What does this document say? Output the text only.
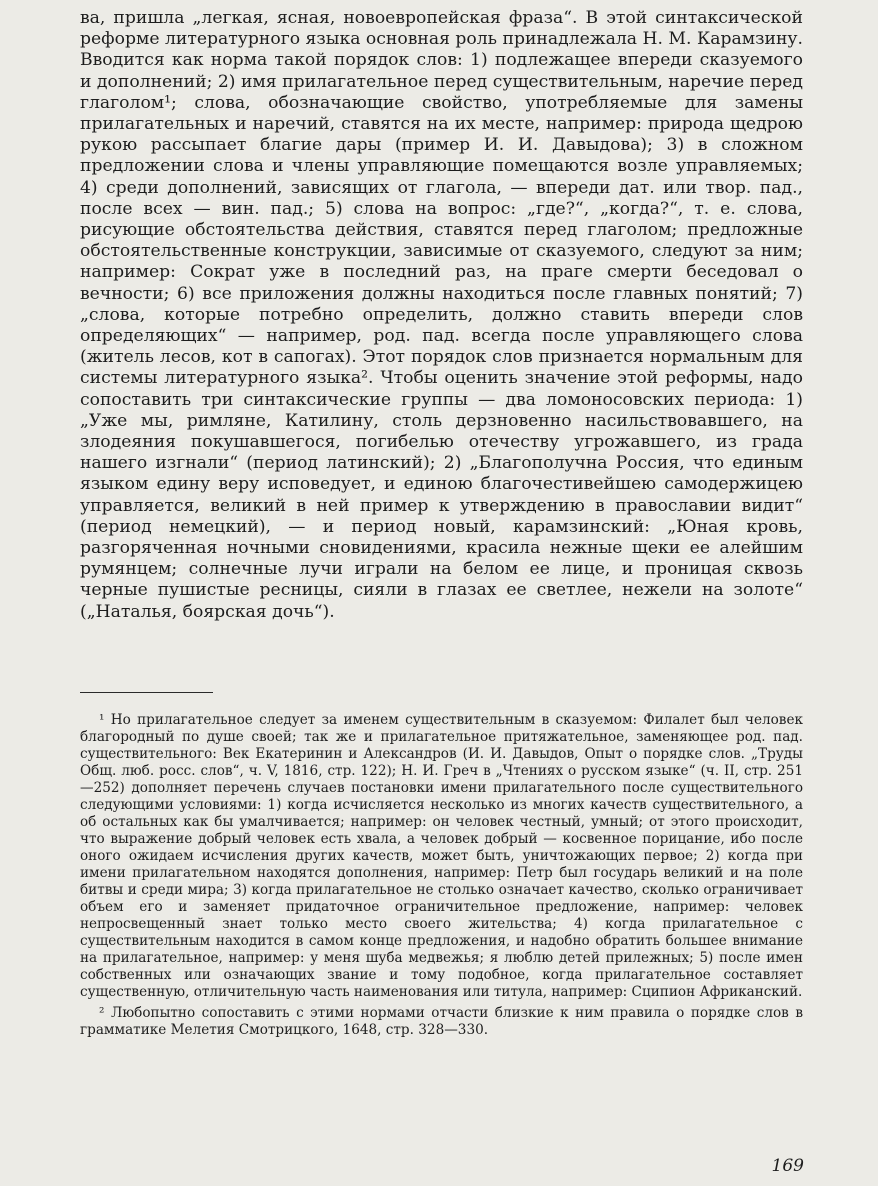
ва, пришла „легкая, ясная, новоевропейская фраза“. В этой синтаксической реформе литературного языка основная роль принадлежала Н. М. Карамзину. Вводится как норма такой порядок слов: 1) подлежащее впереди сказуемого и дополнений; 2) имя прилагательное перед существительным, наречие перед глаголом¹; слова, обозначающие свойство, употребляемые для замены прилагательных и наречий, ставятся на их месте, например: природа щедрою рукою рассыпает благие дары (пример И. И. Давыдова); 3) в сложном предложении слова и члены управляющие помещаются возле управляемых; 4) среди дополнений, зависящих от глагола, — впереди дат. или твор. пад., после всех — вин. пад.; 5) слова на вопрос: „где?“, „когда?“, т. е. слова, рисующие обстоятельства действия, ставятся перед глаголом; предложные обстоятельственные конструкции, зависимые от сказуемого, следуют за ним; например: Сократ уже в последний раз, на праге смерти беседовал о вечности; 6) все приложения должны находиться после главных понятий; 7) „слова, которые потребно определить, должно ставить впереди слов определяющих“ — например, род. пад. всегда после управляющего слова (житель лесов, кот в сапогах). Этот порядок слов признается нормальным для системы литературного языка². Чтобы оценить значение этой реформы, надо сопоставить три синтаксические группы — два ломоносовских периода: 1) „Уже мы, римляне, Катилину, столь дерзновенно насильствовавшего, на злодеяния покушавшегося, погибелью отечеству угрожавшего, из града нашего изгнали“ (период латинский); 2) „Благополучна Россия, что единым языком едину веру исповедует, и единою благочестивейшею самодержицею управляется, великий в ней пример к утверждению в православии видит“ (период немецкий), — и период новый, карамзинский: „Юная кровь, разгоряченная ночными сновидениями, красила нежные щеки ее алейшим румянцем; солнечные лучи играли на белом ее лице, и проницая сквозь черные пушистые ресницы, сияли в глазах ее светлее, нежели на золоте“ („Наталья, боярская дочь“).

¹ Но прилагательное следует за именем существительным в сказуемом: Филалет был человек благородный по душе своей; так же и прилагательное притяжательное, заменяющее род. пад. существительного: Век Екатеринин и Александров (И. И. Давыдов, Опыт о порядке слов. „Труды Общ. люб. росс. слов“, ч. V, 1816, стр. 122); Н. И. Греч в „Чтениях о русском языке“ (ч. II, стр. 251—252) дополняет перечень случаев постановки имени прилагательного после существительного следующими условиями: 1) когда исчисляется несколько из многих качеств существительного, а об остальных как бы умалчивается; например: он человек честный, умный; от этого происходит, что выражение добрый человек есть хвала, а человек добрый — косвенное порицание, ибо после оного ожидаем исчисления других качеств, может быть, уничтожающих первое; 2) когда при имени прилагательном находятся дополнения, например: Петр был государь великий и на поле битвы и среди мира; 3) когда прилагательное не столько означает качество, сколько ограничивает объем его и заменяет придаточное ограничительное предложение, например: человек непросвещенный знает только место своего жительства; 4) когда прилагательное с существительным находится в самом конце предложения, и надобно обратить большее внимание на прилагательное, например: у меня шуба медвежья; я люблю детей прилежных; 5) после имен собственных или означающих звание и тому подобное, когда прилагательное составляет существенную, отличительную часть наименования или титула, например: Сципион Африканский.

² Любопытно сопоставить с этими нормами отчасти близкие к ним правила о порядке слов в грамматике Мелетия Смотрицкого, 1648, стр. 328—330.

169
